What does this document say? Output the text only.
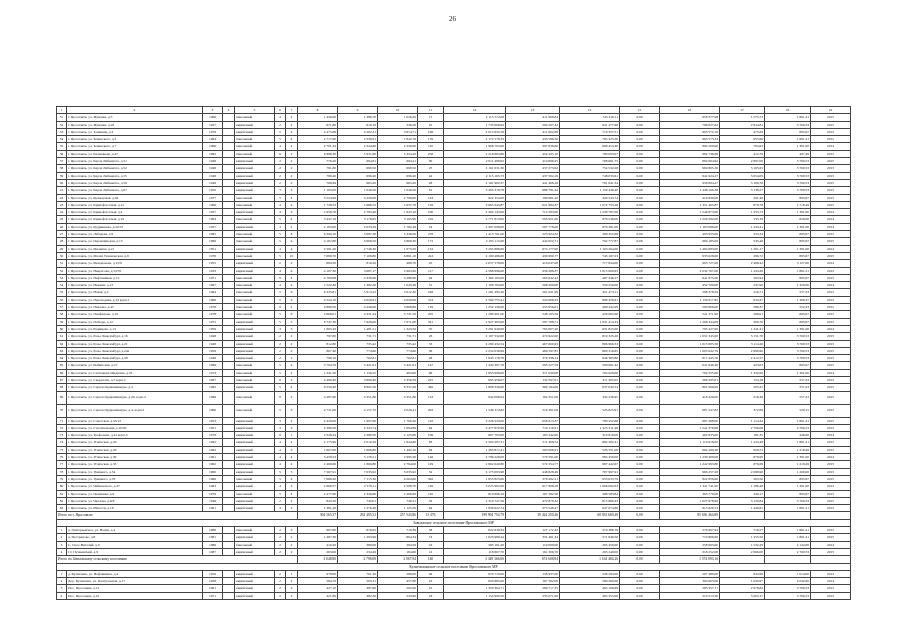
26
1	2	3	4	5	6	7	8	9	10	11	12	13	14	15	16	17	18	19
31	г. Ярославль, ул. Жуковка, д.5	1966		панельный	4	2	1 456,00	1 386,70	1 026,20	71	2 115 772,08	411 969,84	745 416,11	0,00	958 377,98	1 575,73	1 861,21	2015
32	г. Ярославль, ул. Жуковка, д.18	1957		кирпичный	2	2	671,80	610,10	236,50	25	1 735 608,62	294 597,32	641 277,68	0,00	799 627,62	2 844,81	3 760,53	2015
33	г. Ярославль, ул. Заливная, д.3	1979		кирпичный	5	4	4 475,68	4 202,21	3 874,71	166	2 015 832,58	411 902,89	710 357,51	0,00	893 572,18	475,84	895,67	2015
34	г. Ярославль, ул. Зелинского, д.3	1964		панельный	5	4	2 717,90	2 539,91	1 842,76	170	2 172 578,33	443 586,50	765 425,50	0,00	963 573,33	855,66	1 861,21	2015
35	г. Ярославль, ул. Зелинского, д.7	1966		панельный	4	4	2 701,34	2 344,80	2 236,90	110	1 968 793,00	397 839,80	686 453,20	0,00	884 500,00	763,63	1 391,00	2014
36	г. Ярославль, ул. Калмыкова, д.47	1982		панельный	9	2	6 988,30	5 931,80	5 454,20	258	2 216 863,86	452 435,10	780 093,07	0,00	982 736,66	412,79	497,49	2015
37	г. Ярославль, ул. Карла Либкнехта, д.51	1948		кирпичный	2	2	776,20	694,81	694,21	30	2 011 408,92	410 699,25	708 661,75	0,00	892 064,92	2 897,00	3 760,53	2015
38	г. Ярославль, ул. Карла Либкнехта, д.52	1948		кирпичный	2	2	791,80	699,50	699,50	25	2 161 631,30	437 273,62	754 532,28	0,00	969 805,30	3 165,65	3 760,53	2015
39	г. Ярославль, ул. Карла Либкнехта, д.55	1948		кирпичный	2	2	786,40	696,20	696,20	42	2 115 165,73	437 502,19	748 033,61	0,00	941 624,27	3 054,09	3 760,53	2015
40	г. Ярославль, ул. Карла Либкнехта, д.59	1948		кирпичный	2	2	768,49	665,20	665,20	28	2 161 902,27	441 406,16	761 641,34	0,00	958 804,27	3 109,76	3 760,53	2015
41	г. Ярославль, ул. Карла Либкнехта, д.67	1950		кирпичный	3	3	1 165,00	1 040,50	1 040,50	61	3 265 318,78	666 781,44	1 150 436,40	0,00	1 448 100,38	3 138,27	3 760,53	2015
42	г. Ярославль, ул. Кузнецовая, д.49	1977		панельный	5	4	3 524,99	3 220,00	2 798,60	143	922 354,00	190 981,26	329 543,74	0,00	410 830,00	291,46	895,67	2015
43	г. Ярославль, ул. Кривофлотская, д.1а	1966		панельный	4	4	1 738,53	1 686,52	1 637,70	159	3 665 245,87	621 984,37	1 072 753,28	0,00	1 351 465,87	879,78	1 718,49	2015
44	г. Ярославль, ул. Кривофлотская, д.4	1957		кирпичный	4	3	2 958,76	2 783,40	1 943,10	100	2 492 143,00	712 583,00	1 230 787,00	0,00	1 546 873,00	1 253,73	1 391,00	2014
45	г. Ярославль, ул. Кривофлотская, д.19	1964		панельный	5	4	3 447,16	3 179,65	3 165,90	210	2 771 813,00	595 921,00	976 538,00	0,00	1 229 582,00	535,18	820,00	2014
46	г. Ярославль, ул. Кудринцева, д.22/31	1957		кирпичный	3	2	2 165,00	2 033,29	1 782,49	24	2 497 098,00	507 778,00	876 381,00	0,00	1 103 089,00	1 243,41	1 391,00	2014
47	г. Ярославль, ул. Лебедева, д.9	1985		панельный	5	8	6 299,10	5 687,30	5 436,00	278	1 415 761,00	223 924,32	399 352,68	0,00	493 653,00	233,34	895,67	2015
48	г. Ярославль, ул. Парчичинская, д.15	1969		панельный	5	4	4 167,80	3 968,50	3 809,30	172	2 165 115,00	442 052,71	762 777,87	0,00	960 185,00	545,49	895,67	2015
49	г. Ярославль, ул. Малыша, д.21	1951		кирпичный	4	4	2 591,26	2 749,30	1 673,50	134	3 295 886,00	674 177,00	1 163 264,00	0,00	1 464 683,00	1 201,17	1 391,00	2014
50	г. Ярославль, ул. Малая Техническая, д.9	1978		панельный	5	10	7 689,70	7 108,80	6 861,10	412	2 109 486,00	430 690,77	743 167,23	0,00	935 628,00	296,72	895,67	2015
51	г. Ярославль, ул. Менделеева, д.15/9	1955		кирпичный	2	2	884,50	816,20	489,70	45	2 057 578,00	416 047,00	717 844,00	0,00	903 727,00	2 498,42	3 127,00	2014
52	г. Ярославль, ул. Некрасова, д.53/55	1933		кирпичный	4	6	4 107,30	3 687,17	2 963,20	117	4 588 996,00	936 288,37	1 615 600,93	0,00	2 032 707,00	1 243,28	1 861,21	2015
53	г. Ярославль, ул. Нефтяников, д.15	1971		панельный	9	4	4 700,08	4 339,90	3 286,90	94	1 394 165,00	265 042,43	487 246,57	0,00	641 875,00	295,94	895,67	2015
54	г. Ярославль, ул. Нежина, д.15	1967		панельный	4	4	1 522,46	1 382,20	1 045,46	51	1 106 794,00	208 209,00	359 256,00	0,00	452 709,00	237,90	1 320,00	2014
55	г. Ярославль, ул. Новая, д.2	1964		панельный	5	6	6 333,81	5 913,22	5 612,30	248	1 281 495,26	261 641,99	451 473,11	0,00	568 378,29	216,71	557,23	2015
56	г. Ярославль, ул. Пароходная, д.34 корп.1	1966		панельный	5	3	4 524,10	4 020,91	4 020,00	314	2 569 755,41	524 668,33	898 329,61	0,00	1 130 817,65	634,27	1 308,37	2015
57	г. Ярославль, ул. Павлова, д.45	1978		панельный	9	2	4 889,50	4 246,90	3 866,80	129	1 252 136,00	255 656,01	469 242,99	0,00	590 809,00	286,37	552,23	2015
58	г. Ярославль, ул. Панфилова, д.19	1978		панельный	5	6	4 668,01	4 331,24	3 731,50	205	1 280 461,00	248 103,59	429 692,66	0,00	541 371,00	298,01	895,67	2015
59	г. Ярославль, ул. Победы, д.12	1975		кирпичный	5	5	8 747,30	7 928,00	7 671,00	341	2 927 493,00	597 788,71	1 031 414,33	0,00	1 298 344,00	369,76	895,67	2015
60	г. Ярославль, ул. Радищева, д.13	1959		кирпичный	3	3	1 605,43	1 481,51	1 323,50	70	3 291 940,00	765 007,20	631 825,00	0,00	795 427,00	1 241,41	1 391,00	2014
61	г. Ярославль, ул. Розы Люксембург, д.16	1948		кирпичный	2	2	797,60	731,71	731,71	26	2 197 532,00	474 922,00	819 325,20	0,00	1 031 345,00	3 151,70	3 760,53	2015
62	г. Ярославль, ул. Розы Люксембург, д.21	1948		кирпичный	2	2	812,80	735,42	735,42	33	2 290 432,54	467 660,63	806 966,33	0,00	1 015 805,58	3 114,26	3 760,53	2015
63	г. Ярославль, ул. Розы Люксембург, д.24а	1959		кирпичный	2	2	867,40	774,60	774,60	30	2 254 030,99	460 597,85	800 316,65	0,00	1 005 642,79	2 899,90	3 760,53	2015
64	г. Ярославль, ул. Розы Люксембург, д.28	1948		кирпичный	2	2	798,10	762,81	762,81	28	1 843 178,76	376 338,14	649 385,86	0,00	817 445,76	2 412,57	3 760,53	2015
65	г. Ярославль, ул. Рыбинская, д.27	1969		панельный	5	4	3 704,70	3 421,61	3 421,61	147	1 434 397,76	295 527,59	509 961,42	0,00	641 840,26	423,03	895,67	2015
66	г. Ярославль, ул. Салтыкова-Щедрина, д.76	1973		панельный	5	2	1 241,50	1 136,55	493,00	69	1 853 698,00	371 030,00	702 628,00	0,00	792 555,00	1 332,00	1 391,00	2014
67	г. Ярославль, ул. Свердлова, д.5 корп.2	1967		панельный	9	2	4 490,40	3 899,40	3 356,59	225	695 458,07	132 597,01	311 365,05	0,00	266 295,01	154,16	557,23	2015
68	г. Ярославль, ул. Сергея Орджоникидзе, д.4	1962		кирпичный	5	4	9 259,40	8 802,50	8 337,20	440	1 808 330,00	369 184,00	637 042,54	0,00	801 909,00	203,41	557,23	2015
69	г. Ярославль, ул. Сергея Орджоникидзе, д.29, корп.2	1969		панельный	9	2	4 487,90	4 351,80	4 351,80	133	942 098,04	192 351,09	332 236,95	0,00	418 220,00	216,49	557,23	2015
70	г. Ярославль, ул. Сергея Орджоникидзе, д.4, корп.2	1966		панельный	5	6	4 731,06	4 157,72	4 026,41	202	1 549 374,82	216 391,09	545 825,91	0,00	687 247,82	372,69	520,15	2015
71	г. Ярославль, ул. Советская, д.33/12	1953		кирпичный	3	2	2 320,00	1 997,90	1 700,20	119	3 226 534,00	658 613,37	780 452,68	0,00	987 468,00	1 114,44	1 861,21	2015
72	г. Ярославль, ул. Строительная, д.10/20	1951		кирпичный	3	3	2 386,56	2 343,74	1 694,89	64	3 477 870,99	710 119,51	1 225 311,26	0,00	1 541 379,08	2 790,00	2 760,53	2015
73	г. Ярославль, ул. Трефолева, д.22 корп.3	1979		кирпичный	9	1	2 528,24	2 280,50	2 125,60	106	967 793,00	183 242,00	310 816,00	0,00	402 833,00	181,35	446,00	2014
74	г. Ярославль, ул. Угличская, д.20	1962		кирпичный	4	4	2 175,99	2 010,29	1 944,80	83	2 504 207,31	511 308,54	882 282,41	0,00	1 110 616,00	1 243,28	1 861,21	2015
75	г. Ярославль, ул. Угличская, д.26	1962		кирпичный	4	3	1 667,00	1 666,80	1 492,10	94	1 493 817,41	295 006,91	526 551,00	0,00	662 299,40	929,51	1 218,49	2015
76	г. Ярославль, ул. Угличская, д.39	1961		кирпичный	4	4	3 459,53	3 176,51	2 995,56	146	2 796 229,00	570 591,00	984 450,00	0,00	1 239 369,00	879,69	1 391,00	2014
77	г. Ярославль, ул. Угличская, д.33	1962		кирпичный	4	4	2 469,66	1 866,80	2 794,00	129	2 802 640,80	572 254,77	987 442,67	0,00	1 242 993,80	879,69	1 218,49	2015
78	г. Ярославль, ул. Урицкого, д.54	1960		кирпичный	5	5	7 567,91	7 035,92	5 035,92	32	2 175 093,98	448 828,49	767 997,91	0,00	966 257,28	2 088,96	1 260,00	2015
79	г. Ярославль, ул. Урицкого, д.78	1966		панельный	5	4	7 066,20	7 115,30	6 264,60	362	1 855 825,60	378 492,21	653 033,79	0,00	822 859,60	263,50	895,67	2015
80	г. Ярославль, ул. Чайковского, д.47	1963		кирпичный	4	3	2 666,57	2 576,11	2 508,70	126	3 025 902,00	617 908,29	1 066 092,63	0,00	1 341 741,00	1 186,48	1 391,00	2014
81	г. Ярославль, ул. Целинная, д.9	1979		панельный	5	4	2 477,90	2 346,80	2 266,60	120	819 896,16	167 282,56	288 583,84	0,00	363 770,00	349,17	895,67	2015
82	г. Ярославль, ул. Чкалова, д.6/8	1948		кирпичный	2	2	842,20	740,01	740,51	32	2 316 747,56	472 879,32	815 889,43	0,00	1 027 978,90	3 129,84	3 760,53	2015
83	г. Ярославль, ул. Юности, д.18	1961		кирпичный	4	2	1 381,40	1 276,40	1 125,50	64	1 839 622,74	375 549,27	647 074,80	0,00	815 629,74	1 440,81	1 861,21	2015
Итого по г. Ярославлю							304 565,37	292 405,52	257 543,86	13 476	199 994 754,79	39 424 250,46	68 033 669,48	0,00	85 636 464,88			
Заволжское сельское поселение Ярославского МР																		
1	д. Григорьевское, ул. Новая, д.4	1986		панельный	2	3	967,60	870,65	719,39	58	622 839,34	127 172,42	219 386,76	0,00	276 667,94	716,57	1 861,21	2015
2	д. Пестрецово, д.8	1981		кирпичный	2	2	1 487,30	1 293,90	864,34	74	1 623 989,44	331 461,34	571 846,50	0,00	719 860,60	1 255,50	1 861,21	2015
3	С. Спас-Виталий, д.9	1986		панельный	2	2	410,20	380,00	294,59	16	583 191,26	119 069,00	205 459,00	0,00	258 663,00	1 532,29	2 142,00	2014
4	Ст. Пучкинский, д.9	1987		кирпичный	2	2	263,00	234,49	184,60	12	118 807,70	161 306,70	263 249,00	0,00	318 252,00	2 066,00	2 760,53	2015
Итого по Заволжскому сельскому поселению							3 048,80	2 798,08	2 067,94	140	3 349 366,06	674 608,84	1 162 484,26	0,00	1 574 093,16			
Кузнечихинское сельское поселение Ярославского МР																		
1	д. Кузнечиха, ул. Нефтяников, д.4	1956		кирпичный	2	1	978,00	791,30	289,00	46	670 710,00	136 937,00	236 293,00	0,00	297 480,00	843,98	1 014,00	2014
2	Дор. Кузнечиха, ул. Центральная, д.17	1958		кирпичный	2	2	584,70	503,31	457,80	23	820 885,00	167 562,00	289 260,00	0,00	364 063,00	1 630,97	2 042,00	2014
3	Пос. Ярославка, д.12	1961		кирпичный	2	3	427,10	387,60	292,00	25	1 320 364,71	269 717,35	465 169,89	0,00	585 457,71	2 978,82	3 760,53	2015
4	Пос. Ярославка, д.22	1971		кирпичный	2	2	421,80	382,30	243,60	18	1 154 999,50	235 071,00	405 355,00	0,00	510 513,50	3 003,17	3 760,53	2015
